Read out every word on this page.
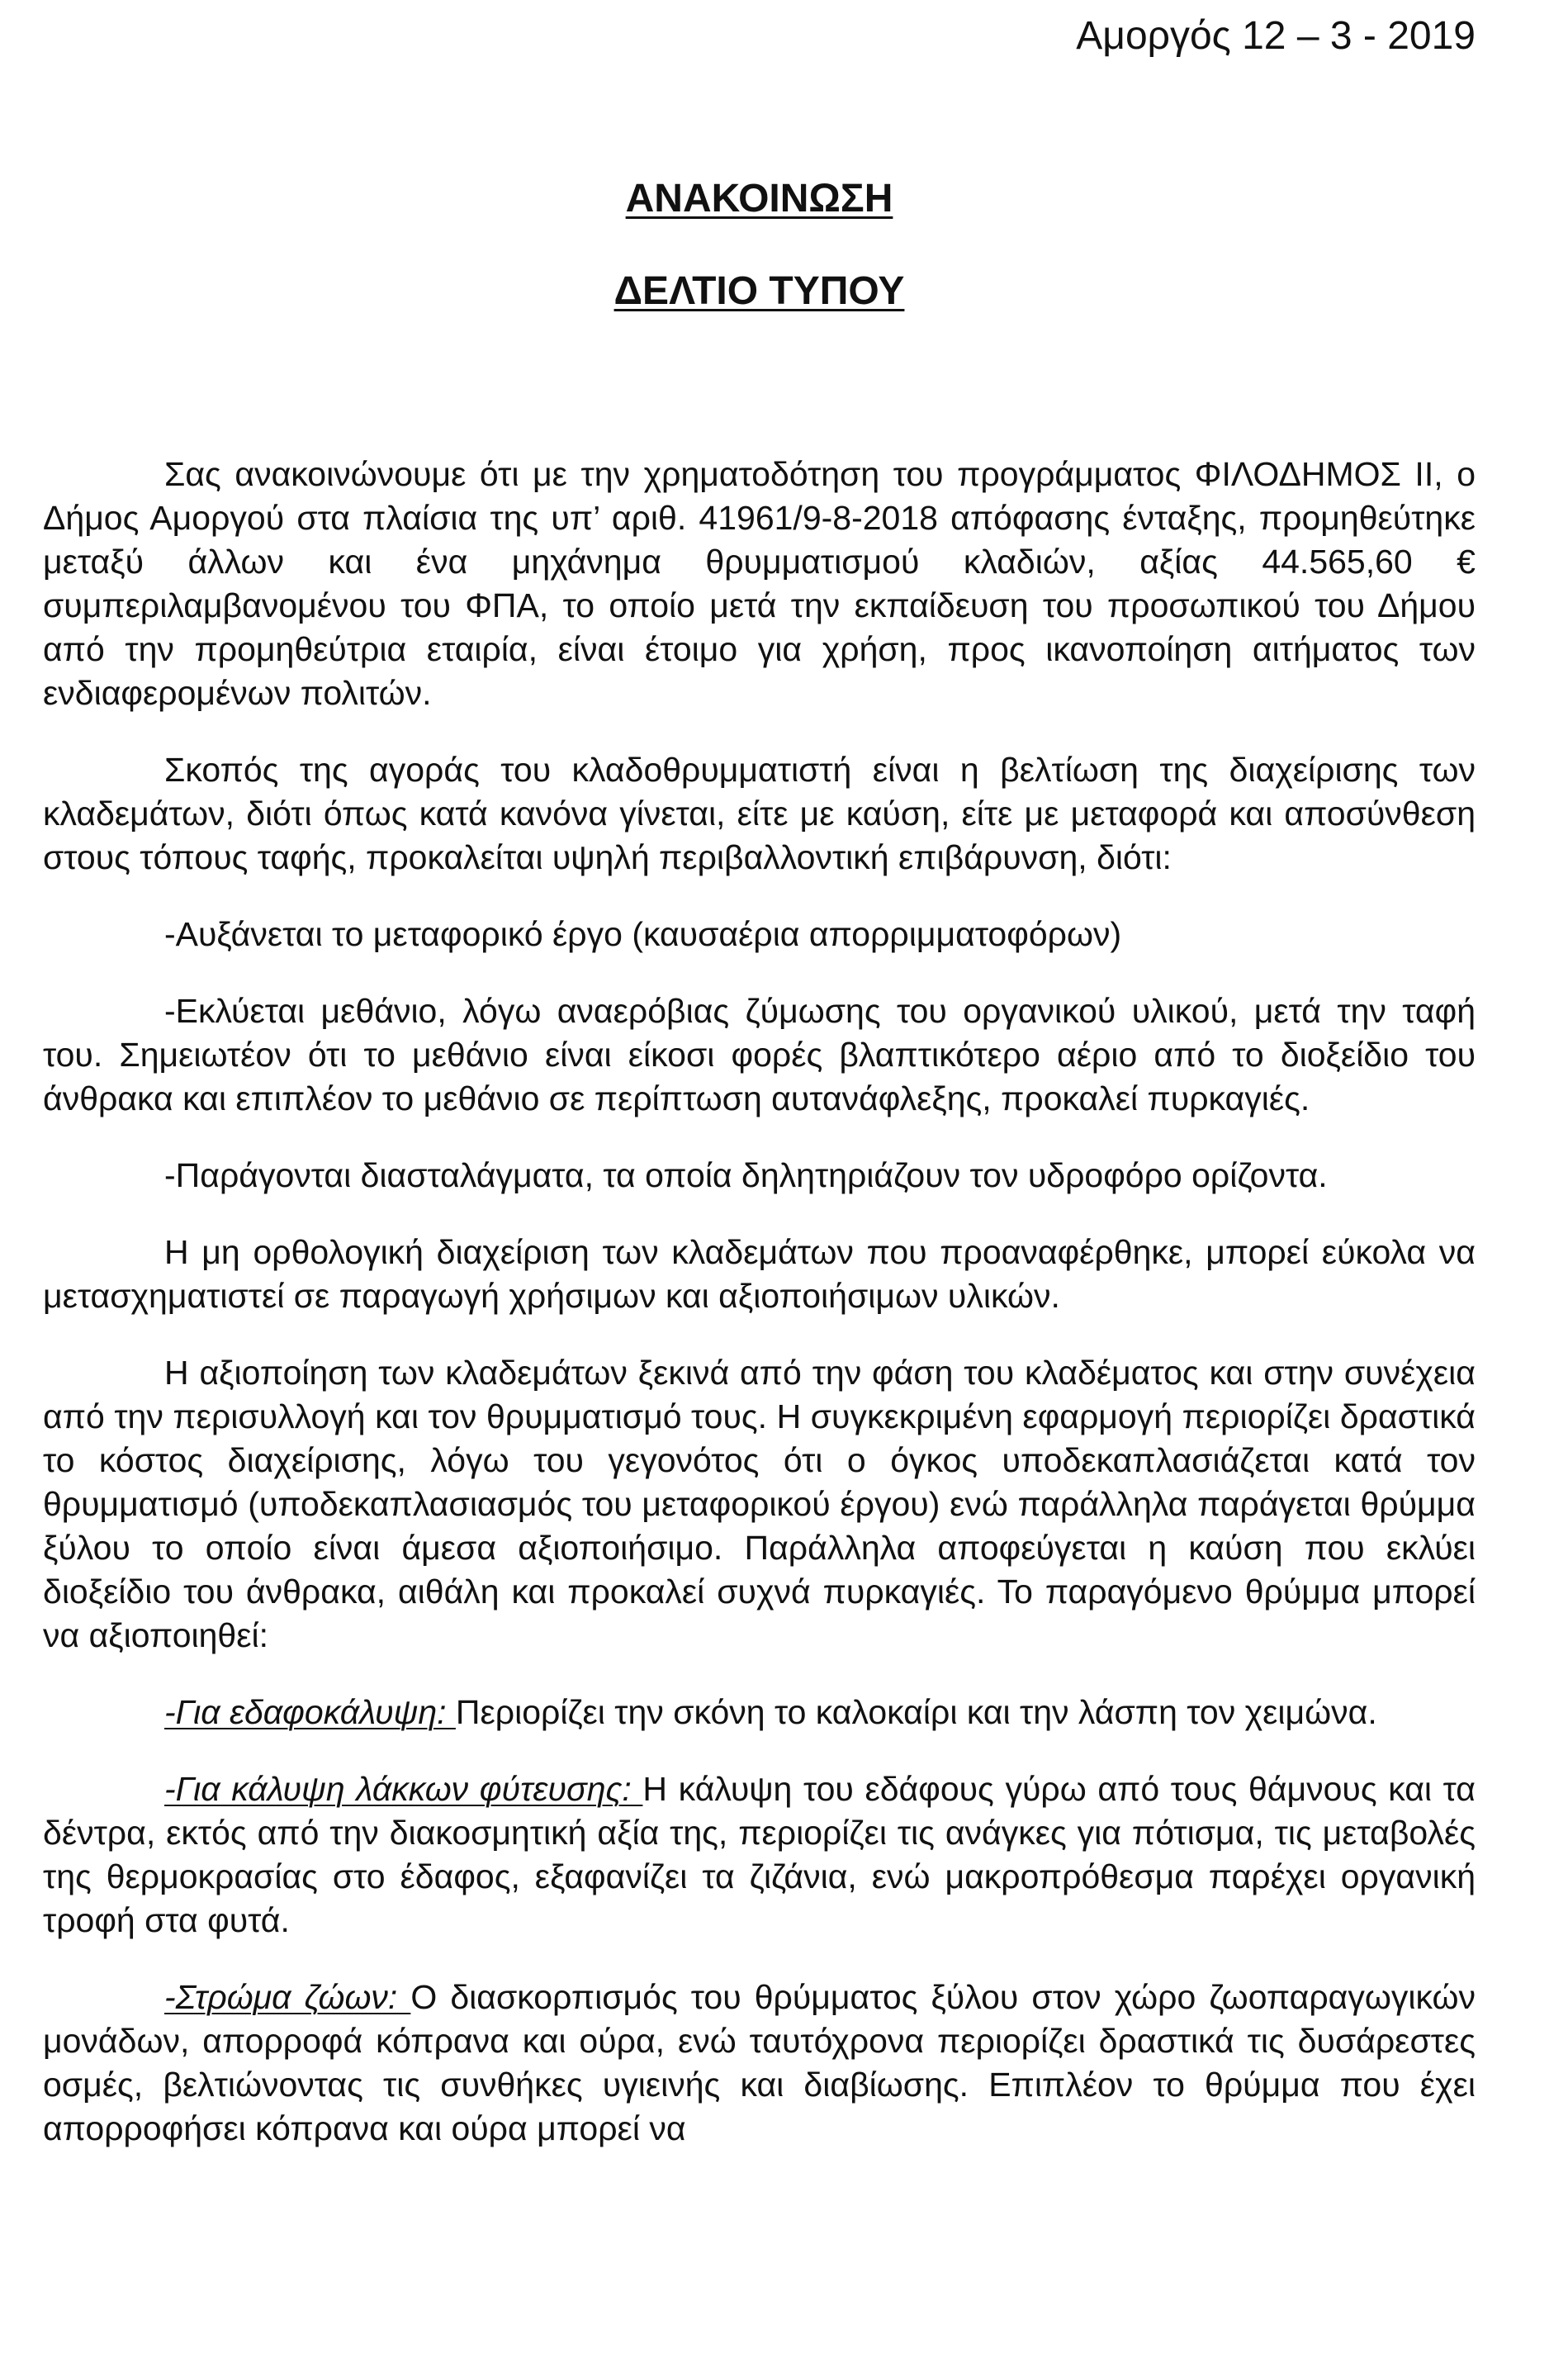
Αμοργός 12 – 3 - 2019
ΑΝΑΚΟΙΝΩΣΗ
ΔΕΛΤΙΟ ΤΥΠΟΥ

Σας ανακοινώνουμε ότι με την χρηματοδότηση του προγράμματος ΦΙΛΟΔΗΜΟΣ ΙΙ, ο Δήμος Αμοργού στα πλαίσια της υπ’ αριθ. 41961/9-8-2018 απόφασης ένταξης, προμηθεύτηκε μεταξύ άλλων και ένα μηχάνημα θρυμματισμού κλαδιών, αξίας 44.565,60 € συμπεριλαμβανομένου του ΦΠΑ, το οποίο μετά την εκπαίδευση του προσωπικού του Δήμου από την προμηθεύτρια εταιρία, είναι έτοιμο για χρήση, προς ικανοποίηση αιτήματος των ενδιαφερομένων πολιτών.

Σκοπός της αγοράς του κλαδοθρυμματιστή είναι η βελτίωση της διαχείρισης των κλαδεμάτων, διότι όπως κατά κανόνα γίνεται, είτε με καύση, είτε με μεταφορά και αποσύνθεση στους τόπους ταφής, προκαλείται υψηλή περιβαλλοντική επιβάρυνση, διότι:

-Αυξάνεται το μεταφορικό έργο (καυσαέρια απορριμματοφόρων)

-Εκλύεται μεθάνιο, λόγω αναερόβιας ζύμωσης του οργανικού υλικού, μετά την ταφή του. Σημειωτέον ότι το μεθάνιο είναι είκοσι φορές βλαπτικότερο αέριο από το διοξείδιο του άνθρακα και επιπλέον το μεθάνιο σε περίπτωση αυτανάφλεξης, προκαλεί πυρκαγιές.

-Παράγονται διασταλάγματα, τα οποία δηλητηριάζουν τον υδροφόρο ορίζοντα.

Η μη ορθολογική διαχείριση των κλαδεμάτων που προαναφέρθηκε, μπορεί εύκολα να μετασχηματιστεί σε παραγωγή χρήσιμων και αξιοποιήσιμων υλικών.

Η αξιοποίηση των κλαδεμάτων ξεκινά από την φάση του κλαδέματος και στην συνέχεια από την περισυλλογή και τον θρυμματισμό τους. Η συγκεκριμένη εφαρμογή περιορίζει δραστικά το κόστος διαχείρισης, λόγω του γεγονότος ότι ο όγκος υποδεκαπλασιάζεται κατά τον θρυμματισμό (υποδεκαπλασιασμός του μεταφορικού έργου) ενώ παράλληλα παράγεται θρύμμα ξύλου το οποίο είναι άμεσα αξιοποιήσιμο. Παράλληλα αποφεύγεται η καύση που εκλύει διοξείδιο του άνθρακα, αιθάλη και προκαλεί συχνά πυρκαγιές. Το παραγόμενο θρύμμα μπορεί να αξιοποιηθεί:

-Για εδαφοκάλυψη: Περιορίζει την σκόνη το καλοκαίρι και την λάσπη τον χειμώνα.

-Για κάλυψη λάκκων φύτευσης: Η κάλυψη του εδάφους γύρω από τους θάμνους και τα δέντρα, εκτός από την διακοσμητική αξία της, περιορίζει τις ανάγκες για πότισμα, τις μεταβολές της θερμοκρασίας στο έδαφος, εξαφανίζει τα ζιζάνια, ενώ μακροπρόθεσμα παρέχει οργανική τροφή στα φυτά.

-Στρώμα ζώων: Ο διασκορπισμός του θρύμματος ξύλου στον χώρο ζωοπαραγωγικών μονάδων, απορροφά κόπρανα και ούρα, ενώ ταυτόχρονα περιορίζει δραστικά τις δυσάρεστες οσμές, βελτιώνοντας τις συνθήκες υγιεινής και διαβίωσης. Επιπλέον το θρύμμα που έχει απορροφήσει κόπρανα και ούρα μπορεί να
